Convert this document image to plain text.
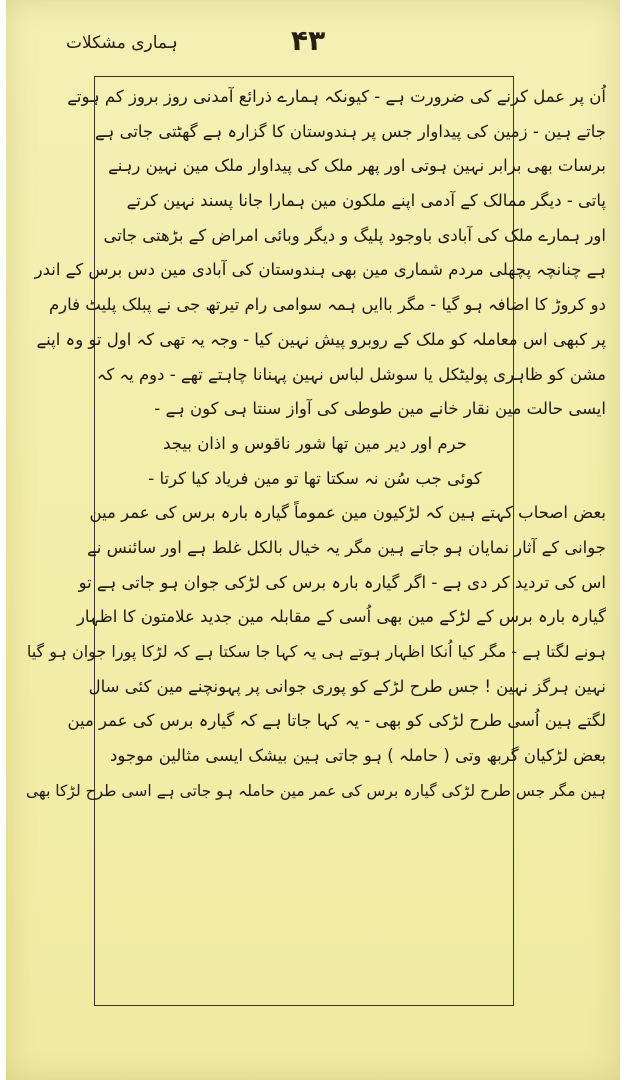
ہماری مشکلات	۴۳
اُن پر عمل کرنے کی ضرورت ہے - کیونکہ ہمارے ذرائع آمدنی روز بروز کم ہوتے
جاتے ہین - زمین کی پیداوار جس پر ہندوستان کا گزارہ ہے گھٹتی جاتی ہے
برسات بھی برابر نہین ہوتی اور پھر ملک کی پیداوار ملک مین نہین رہنے
پاتی - دیگر ممالک کے آدمی اپنے ملکون مین ہمارا جانا پسند نہین کرتے
اور ہمارے ملک کی آبادی باوجود پلیگ و دیگر وبائی امراض کے بڑھتی جاتی
ہے چنانچہ پچھلی مردم شماری مین بھی ہندوستان کی آبادی مین دس برس کے اندر
دو کروڑ کا اضافہ ہو گیا - مگر باایں ہمہ سوامی رام تیرتھ جی نے پبلک پلیٹ فارم
پر کبھی اس معاملہ کو ملک کے روبرو پیش نہین کیا - وجہ یہ تھی کہ اول تو وہ اپنے
مشن کو ظاہری پولیٹکل یا سوشل لباس نہین پہنانا چاہتے تھے - دوم یہ کہ
ایسی حالت مین نقار خانے مین طوطی کی آواز سنتا ہی کون ہے -
حرم اور دیر مین تھا شور ناقوس و اذان بیجد
کوئی جب سُن نہ سکتا تھا تو مین فریاد کیا کرتا -
بعض اصحاب کہتے ہین کہ لڑکیون مین عموماً گیارہ بارہ برس کی عمر مین
جوانی کے آثار نمایان ہو جاتے ہین مگر یہ خیال بالکل غلط ہے اور سائنس نے
اس کی تردید کر دی ہے - اگر گیارہ بارہ برس کی لڑکی جوان ہو جاتی ہے تو
گیارہ بارہ برس کے لڑکے مین بھی اُسی کے مقابلہ مین جدید علامتون کا اظہار
ہونے لگتا ہے - مگر کیا اُنکا اظہار ہوتے ہی یہ کہا جا سکتا ہے کہ لڑکا پورا جوان ہو گیا
نہین ہرگز نہین ! جس طرح لڑکے کو پوری جوانی پر پہونچنے مین کئی سال
لگتے ہین اُسی طرح لڑکی کو بھی - یہ کہا جاتا ہے کہ گیارہ برس کی عمر مین
بعض لڑکیان گربھ وتی ( حاملہ ) ہو جاتی ہین بیشک ایسی مثالین موجود
ہین مگر جس طرح لڑکی گیارہ برس کی عمر مین حاملہ ہو جاتی ہے اسی طرح لڑکا بھی
